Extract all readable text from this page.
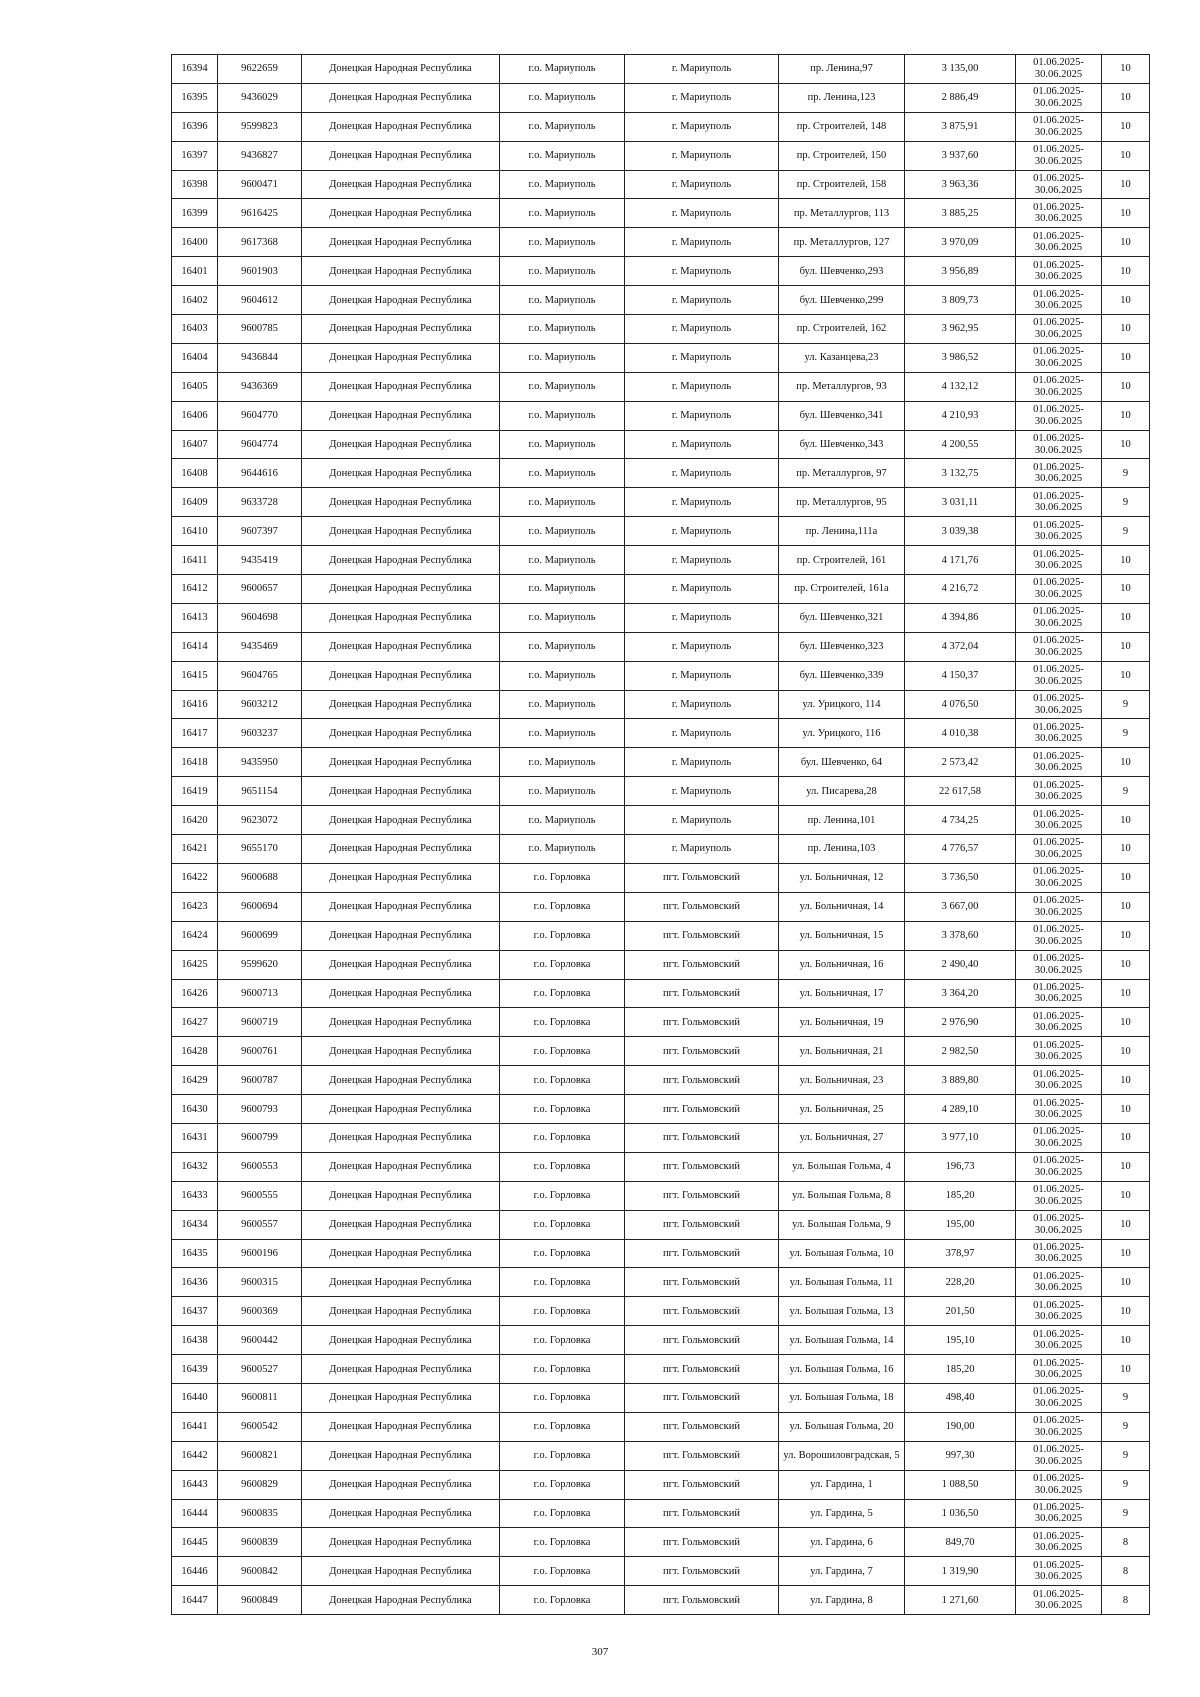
16394	9622659	Донецкая Народная Республика	г.о. Мариуполь	г. Мариуполь	пр. Ленина,97	3 135,00	01.06.2025-30.06.2025	10
16395	9436029	Донецкая Народная Республика	г.о. Мариуполь	г. Мариуполь	пр. Ленина,123	2 886,49	01.06.2025-30.06.2025	10
16396	9599823	Донецкая Народная Республика	г.о. Мариуполь	г. Мариуполь	пр. Строителей, 148	3 875,91	01.06.2025-30.06.2025	10
16397	9436827	Донецкая Народная Республика	г.о. Мариуполь	г. Мариуполь	пр. Строителей, 150	3 937,60	01.06.2025-30.06.2025	10
16398	9600471	Донецкая Народная Республика	г.о. Мариуполь	г. Мариуполь	пр. Строителей, 158	3 963,36	01.06.2025-30.06.2025	10
16399	9616425	Донецкая Народная Республика	г.о. Мариуполь	г. Мариуполь	пр. Металлургов, 113	3 885,25	01.06.2025-30.06.2025	10
16400	9617368	Донецкая Народная Республика	г.о. Мариуполь	г. Мариуполь	пр. Металлургов, 127	3 970,09	01.06.2025-30.06.2025	10
16401	9601903	Донецкая Народная Республика	г.о. Мариуполь	г. Мариуполь	бул. Шевченко,293	3 956,89	01.06.2025-30.06.2025	10
16402	9604612	Донецкая Народная Республика	г.о. Мариуполь	г. Мариуполь	бул. Шевченко,299	3 809,73	01.06.2025-30.06.2025	10
16403	9600785	Донецкая Народная Республика	г.о. Мариуполь	г. Мариуполь	пр. Строителей, 162	3 962,95	01.06.2025-30.06.2025	10
16404	9436844	Донецкая Народная Республика	г.о. Мариуполь	г. Мариуполь	ул. Казанцева,23	3 986,52	01.06.2025-30.06.2025	10
16405	9436369	Донецкая Народная Республика	г.о. Мариуполь	г. Мариуполь	пр. Металлургов, 93	4 132,12	01.06.2025-30.06.2025	10
16406	9604770	Донецкая Народная Республика	г.о. Мариуполь	г. Мариуполь	бул. Шевченко,341	4 210,93	01.06.2025-30.06.2025	10
16407	9604774	Донецкая Народная Республика	г.о. Мариуполь	г. Мариуполь	бул. Шевченко,343	4 200,55	01.06.2025-30.06.2025	10
16408	9644616	Донецкая Народная Республика	г.о. Мариуполь	г. Мариуполь	пр. Металлургов, 97	3 132,75	01.06.2025-30.06.2025	9
16409	9633728	Донецкая Народная Республика	г.о. Мариуполь	г. Мариуполь	пр. Металлургов, 95	3 031,11	01.06.2025-30.06.2025	9
16410	9607397	Донецкая Народная Республика	г.о. Мариуполь	г. Мариуполь	пр. Ленина,111а	3 039,38	01.06.2025-30.06.2025	9
16411	9435419	Донецкая Народная Республика	г.о. Мариуполь	г. Мариуполь	пр. Строителей, 161	4 171,76	01.06.2025-30.06.2025	10
16412	9600657	Донецкая Народная Республика	г.о. Мариуполь	г. Мариуполь	пр. Строителей, 161а	4 216,72	01.06.2025-30.06.2025	10
16413	9604698	Донецкая Народная Республика	г.о. Мариуполь	г. Мариуполь	бул. Шевченко,321	4 394,86	01.06.2025-30.06.2025	10
16414	9435469	Донецкая Народная Республика	г.о. Мариуполь	г. Мариуполь	бул. Шевченко,323	4 372,04	01.06.2025-30.06.2025	10
16415	9604765	Донецкая Народная Республика	г.о. Мариуполь	г. Мариуполь	бул. Шевченко,339	4 150,37	01.06.2025-30.06.2025	10
16416	9603212	Донецкая Народная Республика	г.о. Мариуполь	г. Мариуполь	ул. Урицкого, 114	4 076,50	01.06.2025-30.06.2025	9
16417	9603237	Донецкая Народная Республика	г.о. Мариуполь	г. Мариуполь	ул. Урицкого, 116	4 010,38	01.06.2025-30.06.2025	9
16418	9435950	Донецкая Народная Республика	г.о. Мариуполь	г. Мариуполь	бул. Шевченко, 64	2 573,42	01.06.2025-30.06.2025	10
16419	9651154	Донецкая Народная Республика	г.о. Мариуполь	г. Мариуполь	ул. Писарева,28	22 617,58	01.06.2025-30.06.2025	9
16420	9623072	Донецкая Народная Республика	г.о. Мариуполь	г. Мариуполь	пр. Ленина,101	4 734,25	01.06.2025-30.06.2025	10
16421	9655170	Донецкая Народная Республика	г.о. Мариуполь	г. Мариуполь	пр. Ленина,103	4 776,57	01.06.2025-30.06.2025	10
16422	9600688	Донецкая Народная Республика	г.о. Горловка	пгт. Гольмовский	ул. Больничная, 12	3 736,50	01.06.2025-30.06.2025	10
16423	9600694	Донецкая Народная Республика	г.о. Горловка	пгт. Гольмовский	ул. Больничная, 14	3 667,00	01.06.2025-30.06.2025	10
16424	9600699	Донецкая Народная Республика	г.о. Горловка	пгт. Гольмовский	ул. Больничная, 15	3 378,60	01.06.2025-30.06.2025	10
16425	9599620	Донецкая Народная Республика	г.о. Горловка	пгт. Гольмовский	ул. Больничная, 16	2 490,40	01.06.2025-30.06.2025	10
16426	9600713	Донецкая Народная Республика	г.о. Горловка	пгт. Гольмовский	ул. Больничная, 17	3 364,20	01.06.2025-30.06.2025	10
16427	9600719	Донецкая Народная Республика	г.о. Горловка	пгт. Гольмовский	ул. Больничная, 19	2 976,90	01.06.2025-30.06.2025	10
16428	9600761	Донецкая Народная Республика	г.о. Горловка	пгт. Гольмовский	ул. Больничная, 21	2 982,50	01.06.2025-30.06.2025	10
16429	9600787	Донецкая Народная Республика	г.о. Горловка	пгт. Гольмовский	ул. Больничная, 23	3 889,80	01.06.2025-30.06.2025	10
16430	9600793	Донецкая Народная Республика	г.о. Горловка	пгт. Гольмовский	ул. Больничная, 25	4 289,10	01.06.2025-30.06.2025	10
16431	9600799	Донецкая Народная Республика	г.о. Горловка	пгт. Гольмовский	ул. Больничная, 27	3 977,10	01.06.2025-30.06.2025	10
16432	9600553	Донецкая Народная Республика	г.о. Горловка	пгт. Гольмовский	ул. Большая Гольма, 4	196,73	01.06.2025-30.06.2025	10
16433	9600555	Донецкая Народная Республика	г.о. Горловка	пгт. Гольмовский	ул. Большая Гольма, 8	185,20	01.06.2025-30.06.2025	10
16434	9600557	Донецкая Народная Республика	г.о. Горловка	пгт. Гольмовский	ул. Большая Гольма, 9	195,00	01.06.2025-30.06.2025	10
16435	9600196	Донецкая Народная Республика	г.о. Горловка	пгт. Гольмовский	ул. Большая Гольма, 10	378,97	01.06.2025-30.06.2025	10
16436	9600315	Донецкая Народная Республика	г.о. Горловка	пгт. Гольмовский	ул. Большая Гольма, 11	228,20	01.06.2025-30.06.2025	10
16437	9600369	Донецкая Народная Республика	г.о. Горловка	пгт. Гольмовский	ул. Большая Гольма, 13	201,50	01.06.2025-30.06.2025	10
16438	9600442	Донецкая Народная Республика	г.о. Горловка	пгт. Гольмовский	ул. Большая Гольма, 14	195,10	01.06.2025-30.06.2025	10
16439	9600527	Донецкая Народная Республика	г.о. Горловка	пгт. Гольмовский	ул. Большая Гольма, 16	185,20	01.06.2025-30.06.2025	10
16440	9600811	Донецкая Народная Республика	г.о. Горловка	пгт. Гольмовский	ул. Большая Гольма, 18	498,40	01.06.2025-30.06.2025	9
16441	9600542	Донецкая Народная Республика	г.о. Горловка	пгт. Гольмовский	ул. Большая Гольма, 20	190,00	01.06.2025-30.06.2025	9
16442	9600821	Донецкая Народная Республика	г.о. Горловка	пгт. Гольмовский	ул. Ворошиловградская, 5	997,30	01.06.2025-30.06.2025	9
16443	9600829	Донецкая Народная Республика	г.о. Горловка	пгт. Гольмовский	ул. Гардина, 1	1 088,50	01.06.2025-30.06.2025	9
16444	9600835	Донецкая Народная Республика	г.о. Горловка	пгт. Гольмовский	ул. Гардина, 5	1 036,50	01.06.2025-30.06.2025	9
16445	9600839	Донецкая Народная Республика	г.о. Горловка	пгт. Гольмовский	ул. Гардина, 6	849,70	01.06.2025-30.06.2025	8
16446	9600842	Донецкая Народная Республика	г.о. Горловка	пгт. Гольмовский	ул. Гардина, 7	1 319,90	01.06.2025-30.06.2025	8
16447	9600849	Донецкая Народная Республика	г.о. Горловка	пгт. Гольмовский	ул. Гардина, 8	1 271,60	01.06.2025-30.06.2025	8
307
